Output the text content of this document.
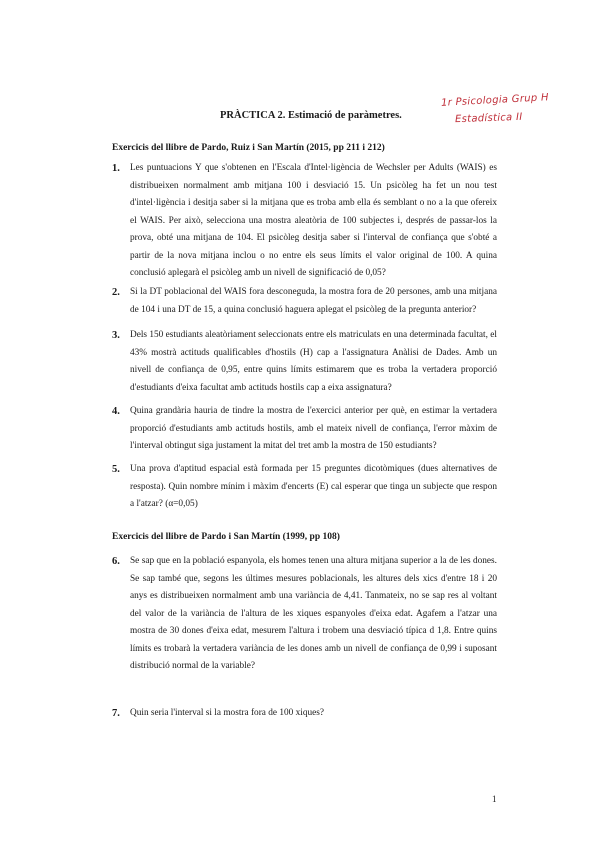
1r Psicologia Grup H
Estadística II
PRÀCTICA 2. Estimació de paràmetres.
Exercicis del llibre de Pardo, Ruiz i San Martín (2015, pp 211 i 212)
1. Les puntuacions Y que s'obtenen en l'Escala d'Intel·ligència de Wechsler per Adults (WAIS) es distribueixen normalment amb mitjana 100 i desviació 15. Un psicòleg ha fet un nou test d'intel·ligència i desitja saber si la mitjana que es troba amb ella és semblant o no a la que ofereix el WAIS. Per això, selecciona una mostra aleatòria de 100 subjectes i, després de passar-los la prova, obté una mitjana de 104. El psicòleg desitja saber si l'interval de confiança que s'obté a partir de la nova mitjana inclou o no entre els seus límits el valor original de 100. A quina conclusió aplegarà el psicòleg amb un nivell de significació de 0,05?
2. Si la DT poblacional del WAIS fora desconeguda, la mostra fora de 20 persones, amb una mitjana de 104 i una DT de 15, a quina conclusió haguera aplegat el psicòleg de la pregunta anterior?
3. Dels 150 estudiants aleatòriament seleccionats entre els matriculats en una determinada facultat, el 43% mostrà actituds qualificables d'hostils (H) cap a l'assignatura Anàlisi de Dades. Amb un nivell de confiança de 0,95, entre quins límits estimarem que es troba la vertadera proporció d'estudiants d'eixa facultat amb actituds hostils cap a eixa assignatura?
4. Quina grandària hauria de tindre la mostra de l'exercici anterior per què, en estimar la vertadera proporció d'estudiants amb actituds hostils, amb el mateix nivell de confiança, l'error màxim de l'interval obtingut siga justament la mitat del tret amb la mostra de 150 estudiants?
5. Una prova d'aptitud espacial està formada per 15 preguntes dicotòmiques (dues alternatives de resposta). Quin nombre mínim i màxim d'encerts (E) cal esperar que tinga un subjecte que respon a l'atzar? (α=0,05)
Exercicis del llibre de Pardo i San Martín (1999, pp 108)
6. Se sap que en la població espanyola, els homes tenen una altura mitjana superior a la de les dones. Se sap també que, segons les últimes mesures poblacionals, les altures dels xics d'entre 18 i 20 anys es distribueixen normalment amb una variància de 4,41. Tanmateix, no se sap res al voltant del valor de la variància de l'altura de les xiques espanyoles d'eixa edat. Agafem a l'atzar una mostra de 30 dones d'eixa edat, mesurem l'altura i trobem una desviació típica d 1,8. Entre quins límits es trobarà la vertadera variància de les dones amb un nivell de confiança de 0,99 i suposant distribució normal de la variable?
7. Quin seria l'interval si la mostra fora de 100 xiques?
1
